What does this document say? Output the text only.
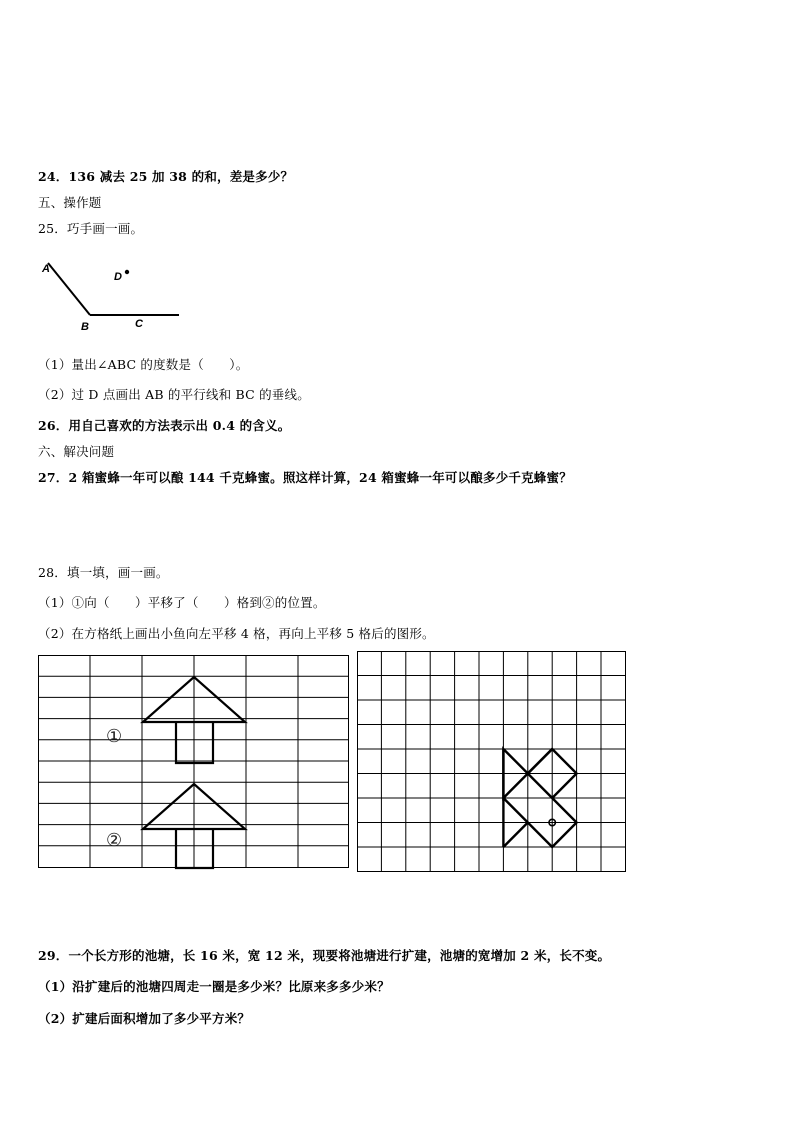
24．136 减去 25 加 38 的和，差是多少？
五、操作题
25．巧手画一画。
A
B	C
D
（1）量出∠ABC 的度数是（　　）。
（2）过 D 点画出 AB 的平行线和 BC 的垂线。
26．用自己喜欢的方法表示出 0.4 的含义。
六、解决问题
27．2 箱蜜蜂一年可以酿 144 千克蜂蜜。照这样计算，24 箱蜜蜂一年可以酿多少千克蜂蜜？
28．填一填，画一画。
（1）①向（　　）平移了（　　）格到②的位置。
（2）在方格纸上画出小鱼向左平移 4 格，再向上平移 5 格后的图形。
①
②
29．一个长方形的池塘，长 16 米，宽 12 米，现要将池塘进行扩建，池塘的宽增加 2 米，长不变。
（1）沿扩建后的池塘四周走一圈是多少米？比原来多多少米？
（2）扩建后面积增加了多少平方米？
